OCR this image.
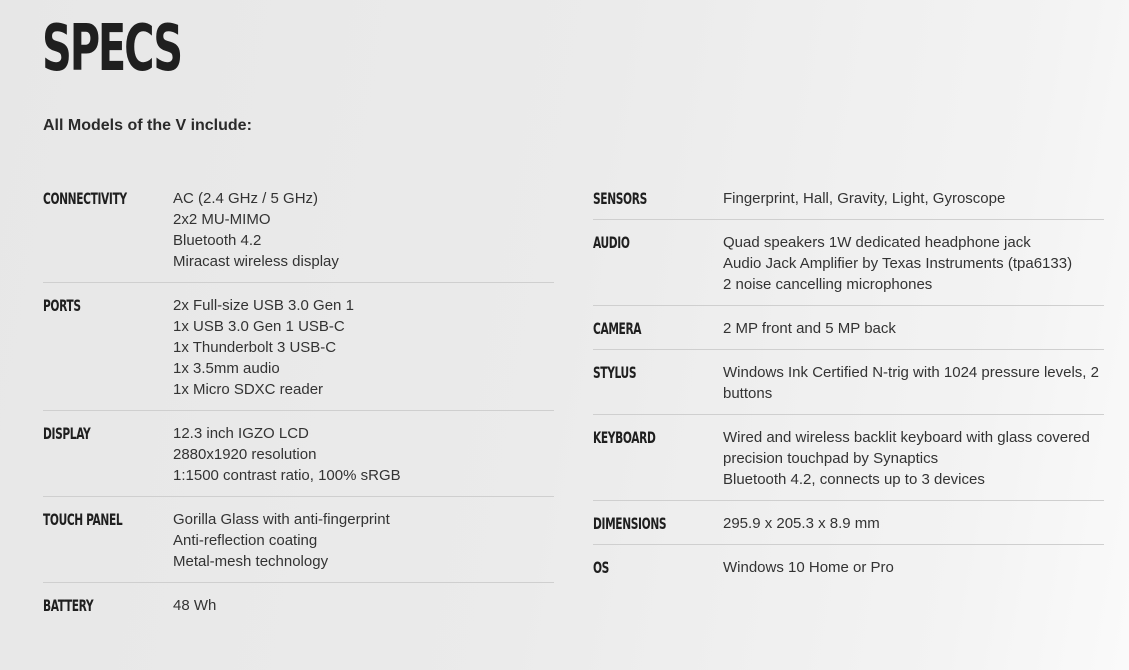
SPECS
All Models of the V include:
CONNECTIVITY	AC (2.4 GHz / 5 GHz)
2x2 MU-MIMO
Bluetooth 4.2
Miracast wireless display
PORTS	2x Full-size USB 3.0 Gen 1
1x USB 3.0 Gen 1 USB-C
1x Thunderbolt 3 USB-C
1x 3.5mm audio
1x Micro SDXC reader
DISPLAY	12.3 inch IGZO LCD
2880x1920 resolution
1:1500 contrast ratio, 100% sRGB
TOUCH PANEL	Gorilla Glass with anti-fingerprint
Anti-reflection coating
Metal-mesh technology
BATTERY	48 Wh
SENSORS	Fingerprint, Hall, Gravity, Light, Gyroscope
AUDIO	Quad speakers 1W dedicated headphone jack
Audio Jack Amplifier by Texas Instruments (tpa6133)
2 noise cancelling microphones
CAMERA	2 MP front and 5 MP back
STYLUS	Windows Ink Certified N-trig with 1024 pressure levels, 2 buttons
KEYBOARD	Wired and wireless backlit keyboard with glass covered precision touchpad by Synaptics
Bluetooth 4.2, connects up to 3 devices
DIMENSIONS	295.9 x 205.3 x 8.9 mm
OS	Windows 10 Home or Pro
